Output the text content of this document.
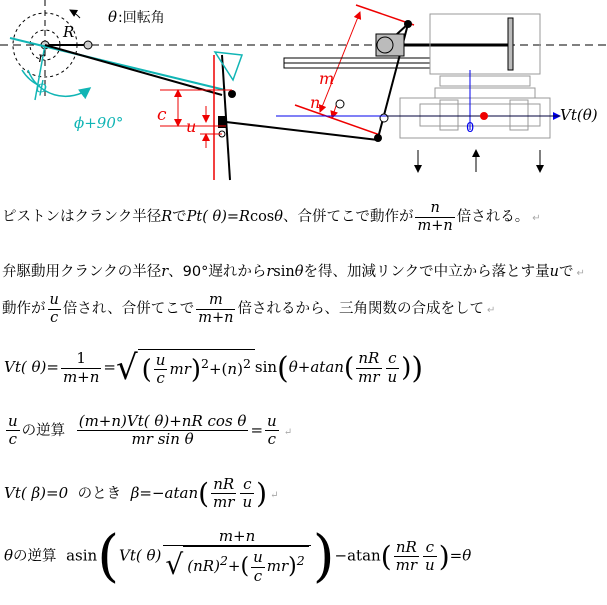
θ :回転角
R
r
ϕ
ϕ+90° c
u
m
n
Vt(θ)
0
ピストンはクランク半径RでPt( θ)=Rcosθ、合併てこで動作が $\frac{n}{m+n}$ 倍される。 ↵
弁駆動用クランクの半径r、90°遅れからrsinθを得、加減リンクで中立から落とす量uで ↵
動作が $\frac{u}{c}$ 倍され、合併てこで $\frac{m}{m+n}$ 倍されるから、三角関数の合成をして ↵
Vt( $\theta)= \frac{1}{m+n}$ =√ ( $\frac{u}{c} mr)^2+(n)^2$ $\sin(\theta+atan( \frac{nR}{mr} \frac{c}{u}$ ))
$\frac{u}{c}$ の逆算 $\frac{\text{(m+n)Vt( θ)+nR cos θ}}{\text{mr sin θ}} = \frac{u}{c}$ ↵
Vt( β)=0 のとき $\beta=-atan( \frac{nR}{mr} \frac{c}{u}$ ) ↵
θの逆算 asin(Vt( $\theta) \frac{m+n}{√ (nR)^2+( \frac{u}{c} mr)^2} )-atan( \frac{nR}{mr} \frac{c}{u} )=\theta$
